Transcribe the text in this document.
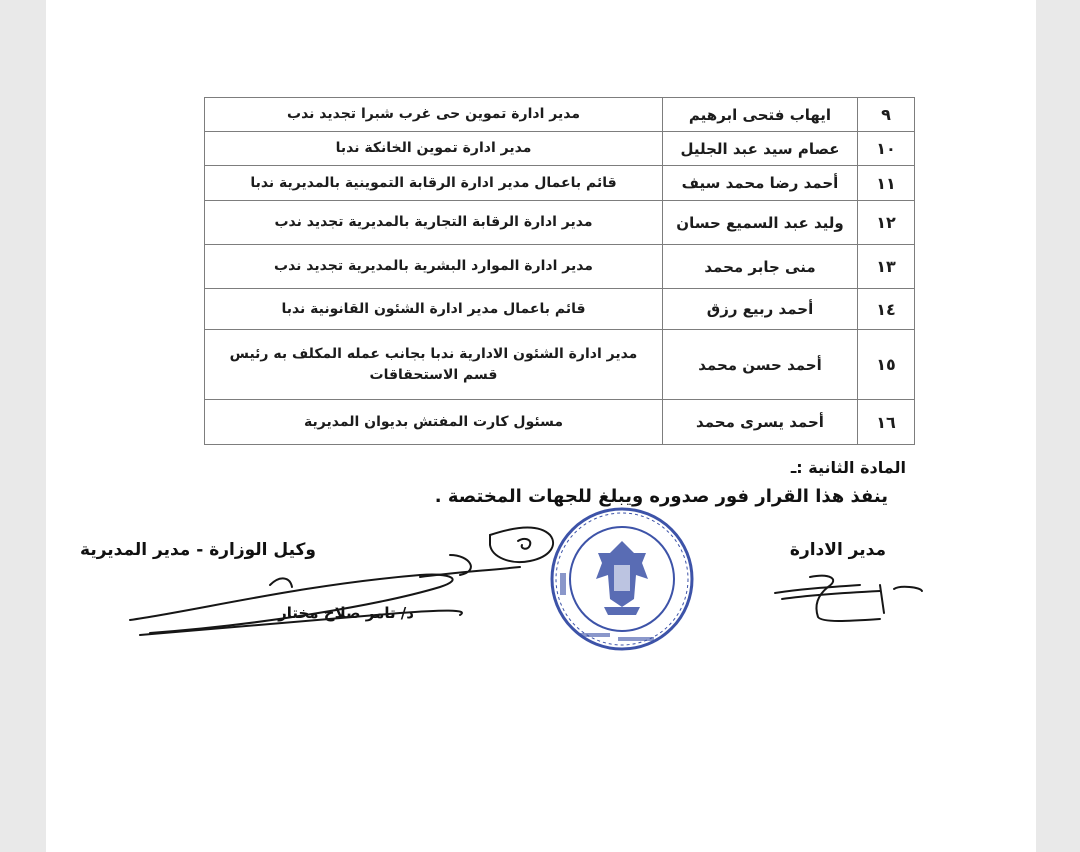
٩	ايهاب فتحى ابرهيم	مدير ادارة تموين حى غرب شبرا تجديد ندب
١٠	عصام سيد عبد الجليل	مدير ادارة تموين الخانكة ندبا
١١	أحمد رضا محمد سيف	قائم باعمال مدير ادارة الرقابة التموينية بالمديرية ندبا
١٢	وليد عبد السميع حسان	مدير ادارة الرقابة التجارية بالمديرية تجديد ندب
١٣	منى جابر محمد	مدير ادارة الموارد البشرية بالمديرية تجديد ندب
١٤	أحمد ربيع رزق	قائم باعمال مدير ادارة الشئون القانونية ندبا
١٥	أحمد حسن محمد	مدير ادارة الشئون الادارية ندبا بجانب عمله المكلف به رئيس قسم الاستحقاقات
١٦	أحمد يسرى محمد	مسئول كارت المفتش بديوان المديرية
المادة الثانية :ـ
ينفذ هذا القرار فور صدوره ويبلغ للجهات المختصة .
وكيل الوزارة - مدير المديرية
د/ تامر صلاح مختار
مدير الادارة
